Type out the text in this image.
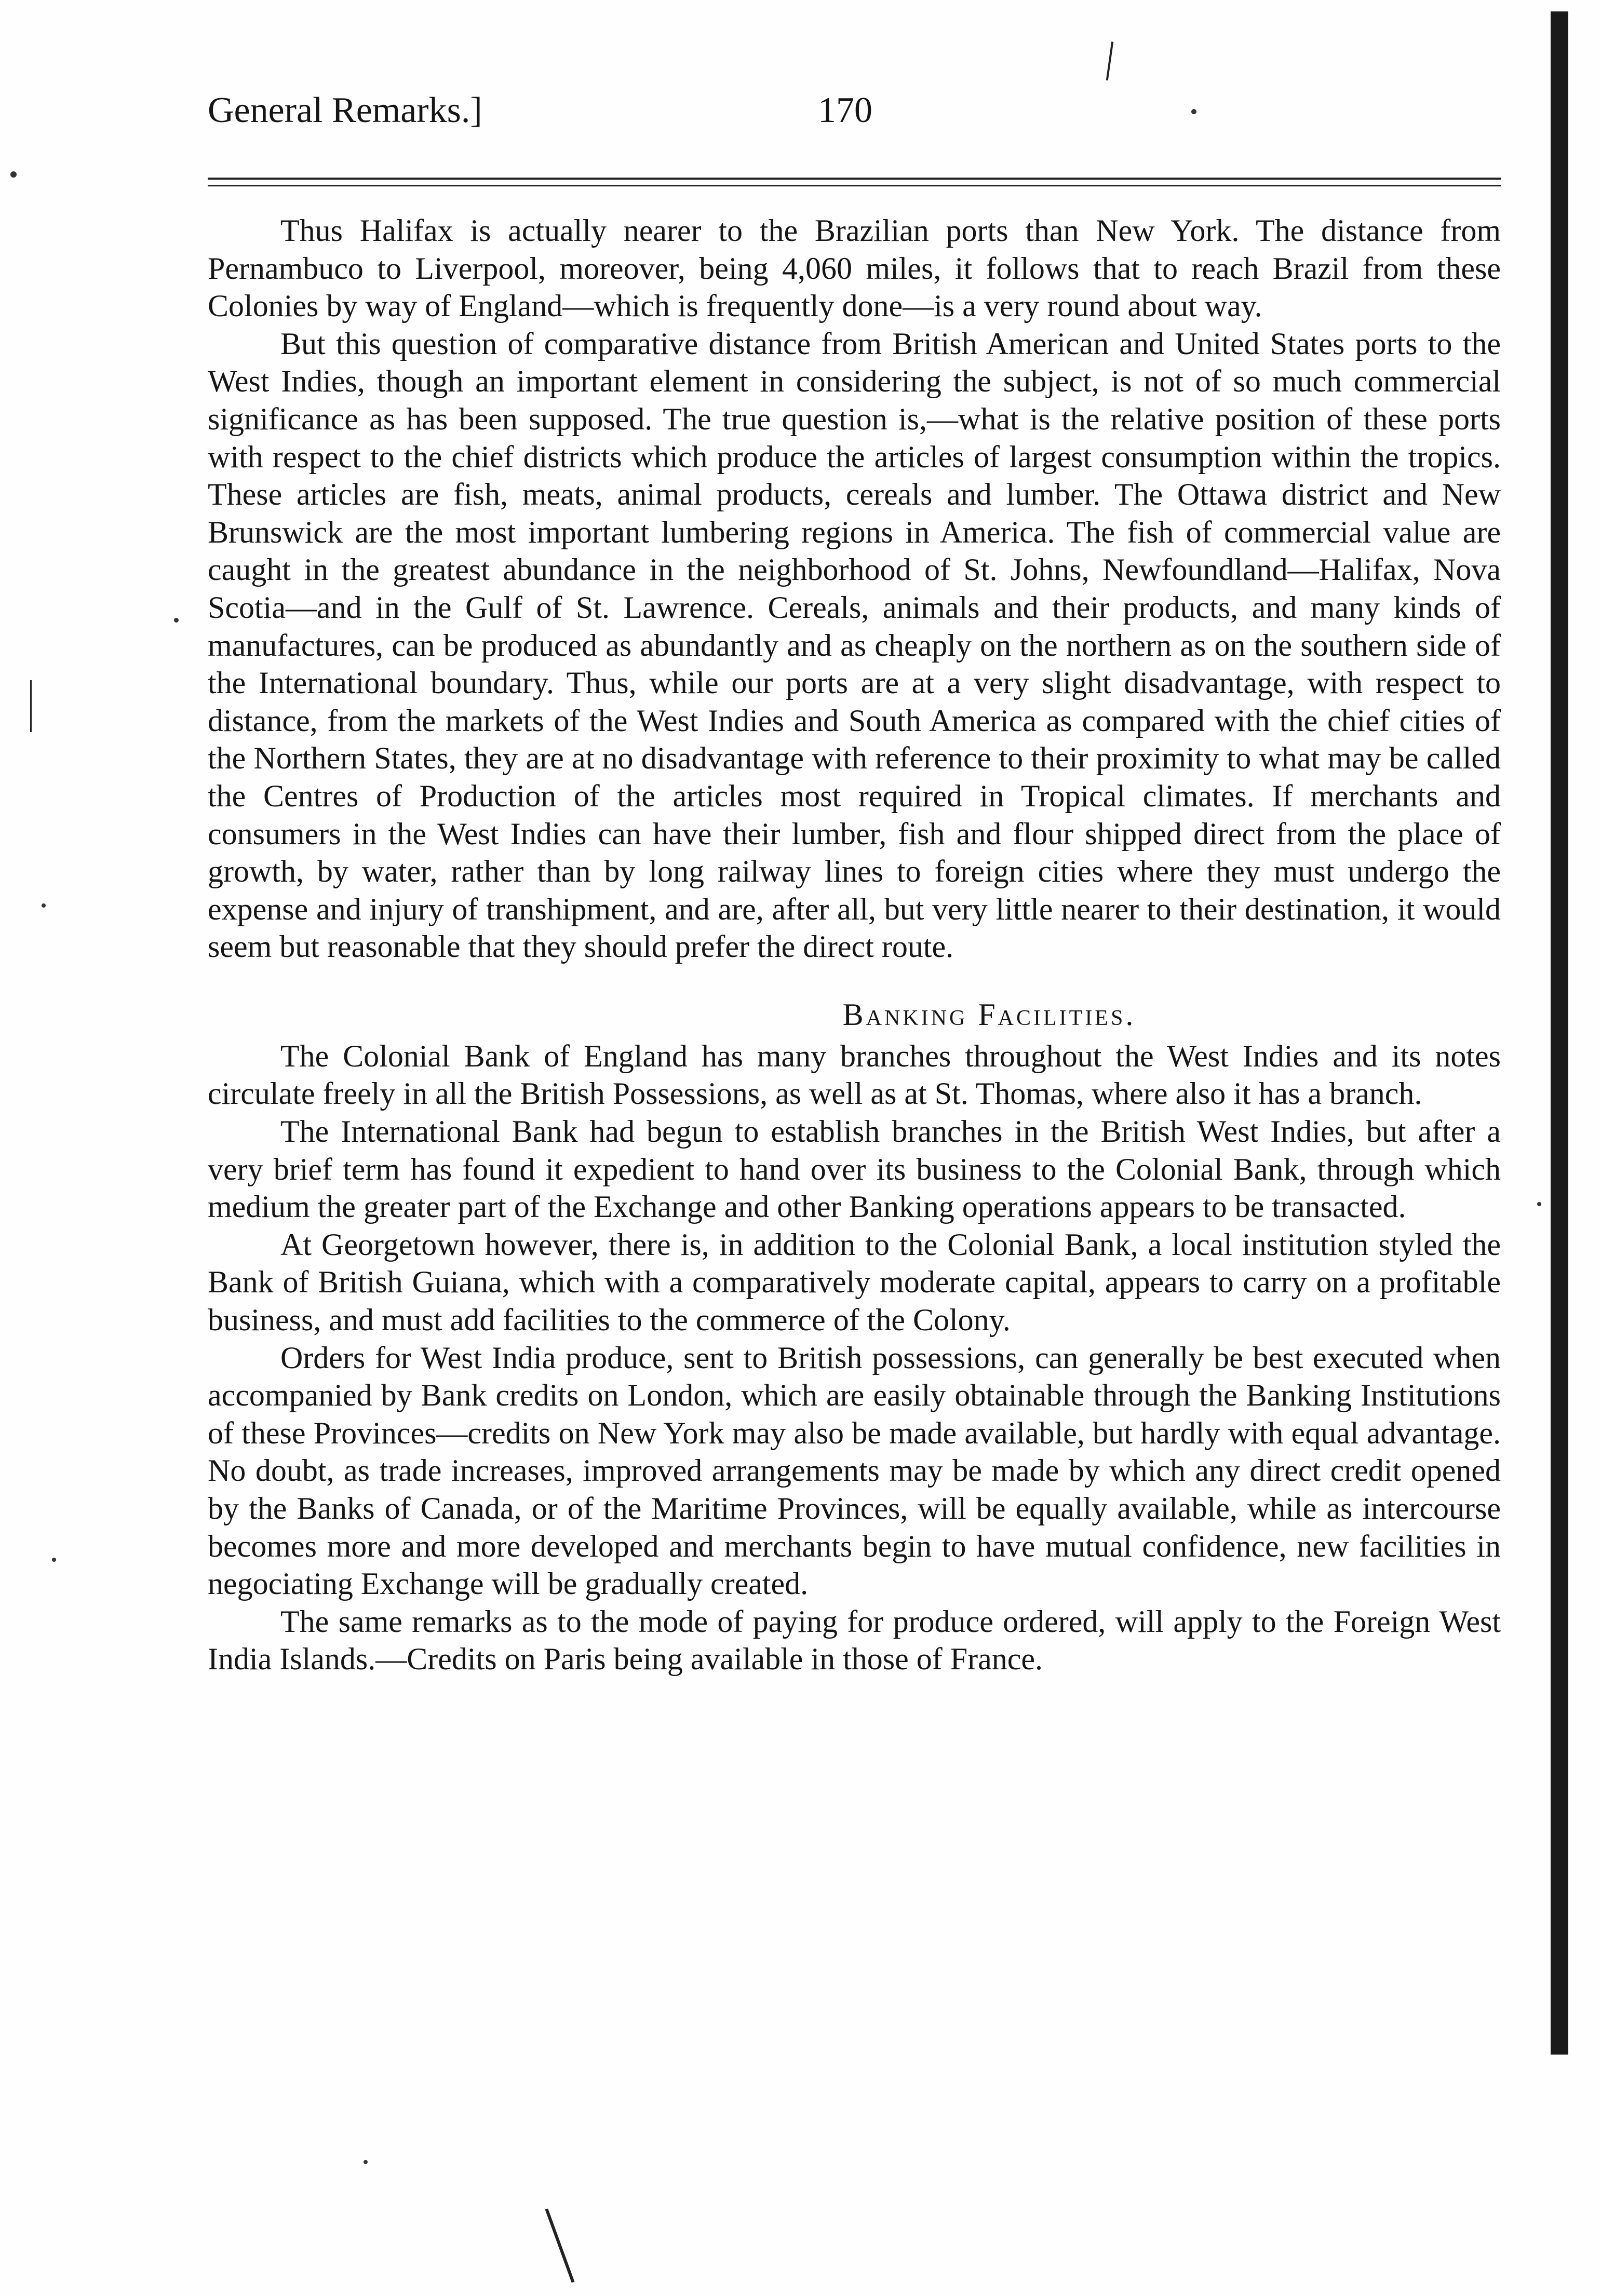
General Remarks.]	170

Thus Halifax is actually nearer to the Brazilian ports than New York. The distance from Pernambuco to Liverpool, moreover, being 4,060 miles, it follows that to reach Brazil from these Colonies by way of England—which is frequently done—is a very round about way.

But this question of comparative distance from British American and United States ports to the West Indies, though an important element in considering the subject, is not of so much commercial significance as has been supposed. The true question is,—what is the relative position of these ports with respect to the chief districts which produce the articles of largest consumption within the tropics. These articles are fish, meats, animal products, cereals and lumber. The Ottawa district and New Brunswick are the most important lumbering regions in America. The fish of commercial value are caught in the greatest abundance in the neighborhood of St. Johns, Newfoundland—Halifax, Nova Scotia—and in the Gulf of St. Lawrence. Cereals, animals and their products, and many kinds of manufactures, can be produced as abundantly and as cheaply on the northern as on the southern side of the International boundary. Thus, while our ports are at a very slight disadvantage, with respect to distance, from the markets of the West Indies and South America as compared with the chief cities of the Northern States, they are at no disadvantage with reference to their proximity to what may be called the Centres of Production of the articles most required in Tropical climates. If merchants and consumers in the West Indies can have their lumber, fish and flour shipped direct from the place of growth, by water, rather than by long railway lines to foreign cities where they must undergo the expense and injury of transhipment, and are, after all, but very little nearer to their destination, it would seem but reasonable that they should prefer the direct route.

Banking Facilities.

The Colonial Bank of England has many branches throughout the West Indies and its notes circulate freely in all the British Possessions, as well as at St. Thomas, where also it has a branch.

The International Bank had begun to establish branches in the British West Indies, but after a very brief term has found it expedient to hand over its business to the Colonial Bank, through which medium the greater part of the Exchange and other Banking operations appears to be transacted.

At Georgetown however, there is, in addition to the Colonial Bank, a local institution styled the Bank of British Guiana, which with a comparatively moderate capital, appears to carry on a profitable business, and must add facilities to the commerce of the Colony.

Orders for West India produce, sent to British possessions, can generally be best executed when accompanied by Bank credits on London, which are easily obtainable through the Banking Institutions of these Provinces—credits on New York may also be made available, but hardly with equal advantage. No doubt, as trade increases, improved arrangements may be made by which any direct credit opened by the Banks of Canada, or of the Maritime Provinces, will be equally available, while as intercourse becomes more and more developed and merchants begin to have mutual confidence, new facilities in negociating Exchange will be gradually created.

The same remarks as to the mode of paying for produce ordered, will apply to the Foreign West India Islands.—Credits on Paris being available in those of France.
